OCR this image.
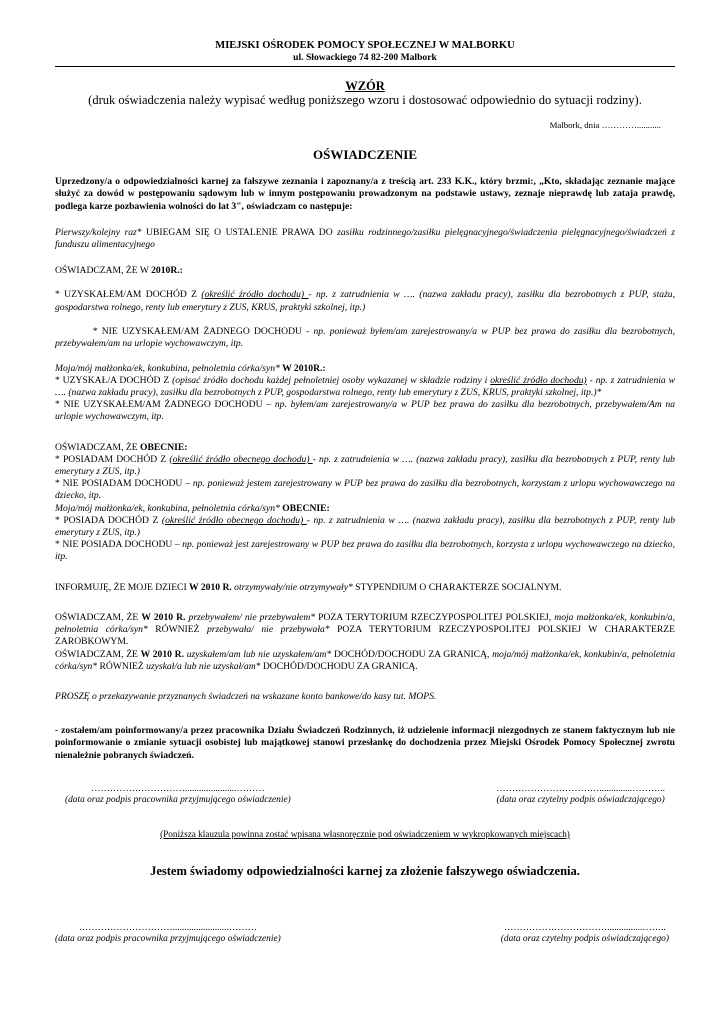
MIEJSKI OŚRODEK POMOCY SPOŁECZNEJ W MALBORKU
ul. Słowackiego 74 82-200 Malbork
WZÓR
(druk oświadczenia należy wypisać według poniższego wzoru i dostosować odpowiednio do sytuacji rodziny).
Malbork, dnia …………...........
OŚWIADCZENIE
Uprzedzony/a o odpowiedzialności karnej za fałszywe zeznania i zapoznany/a z treścią art. 233 K.K., który brzmi:, „Kto, składając zeznanie mające służyć za dowód w postępowaniu sądowym lub w innym postępowaniu prowadzonym na podstawie ustawy, zeznaje nieprawdę lub zataja prawdę, podlega karze pozbawienia wolności do lat 3", oświadczam co następuje:
Pierwszy/kolejny raz* UBIEGAM SIĘ O USTALENIE PRAWA DO zasiłku rodzinnego/zasiłku pielęgnacyjnego/świadczenia pielęgnacyjnego/świadczeń z funduszu alimentacyjnego
OŚWIADCZAM, ŻE W 2010R.:
* UZYSKAŁEM/AM DOCHÓD Z (określić źródło dochodu) - np. z zatrudnienia w …. (nazwa zakładu pracy), zasiłku dla bezrobotnych z PUP, stażu, gospodarstwa rolnego, renty lub emerytury z ZUS, KRUS, praktyki szkolnej, itp.)

* NIE UZYSKAŁEM/AM ŻADNEGO DOCHODU - np. ponieważ byłem/am zarejestrowany/a w PUP bez prawa do zasiłku dla bezrobotnych, przebywałem/am na urlopie wychowawczym, itp.

Moja/mój małżonka/ek, konkubina, pełnoletnia córka/syn* W 2010R.:
* UZYSKAŁ/A DOCHÓD Z (opisać źródło dochodu każdej pełnoletniej osoby wykazanej w składzie rodziny i określić źródło dochodu) - np. z zatrudnienia w …. (nazwa zakładu pracy), zasiłku dla bezrobotnych z PUP, gospodarstwa rolnego, renty lub emerytury z ZUS, KRUS, praktyki szkolnej, itp.)*
* NIE UZYSKAŁEM/AM ŻADNEGO DOCHODU – np. byłem/am zarejestrowany/a w PUP bez prawa do zasiłku dla bezrobotnych, przebywałem/Am na urlopie wychowawczym, itp.
OŚWIADCZAM, ŻE OBECNIE:
* POSIADAM DOCHÓD Z (określić źródło obecnego dochodu) - np. z zatrudnienia w …. (nazwa zakładu pracy), zasiłku dla bezrobotnych z PUP, renty lub emerytury z ZUS, itp.)
* NIE POSIADAM DOCHODU – np. ponieważ jestem zarejestrowany w PUP bez prawa do zasiłku dla bezrobotnych, korzystam z urlopu wychowawczego na dziecko, itp.
Moja/mój małżonka/ek, konkubina, pełnoletnia córka/syn* OBECNIE:
* POSIADA DOCHÓD Z (określić źródło obecnego dochodu) - np. z zatrudnienia w …. (nazwa zakładu pracy), zasiłku dla bezrobotnych z PUP, renty lub emerytury z ZUS, itp.)
* NIE POSIADA DOCHODU – np. ponieważ jest zarejestrowany w PUP bez prawa do zasiłku dla bezrobotnych, korzysta z urlopu wychowawczego na dziecko, itp.
INFORMUJĘ, ŻE MOJE DZIECI W 2010 R. otrzymywały/nie otrzymywały* STYPENDIUM O CHARAKTERZE SOCJALNYM.
OŚWIADCZAM, ŻE W 2010 R. przebywałem/ nie przebywałem* POZA TERYTORIUM RZECZYPOSPOLITEJ POLSKIEJ, moja małżonka/ek, konkubin/a, pełnoletnia córka/syn* RÓWNIEŻ przebywała/ nie przebywała* POZA TERYTORIUM RZECZYPOSPOLITEJ POLSKIEJ W CHARAKTERZE ZAROBKOWYM.
OŚWIADCZAM, ŻE W 2010 R. uzyskałem/am lub nie uzyskałem/am* DOCHÓD/DOCHODU ZA GRANICĄ, moja/mój małżonka/ek, konkubin/a, pełnoletnia córka/syn* RÓWNIEŻ uzyskał/a lub nie uzyskał/am* DOCHÓD/DOCHODU ZA GRANICĄ.
PROSZĘ o przekazywanie przyznanych świadczeń na wskazane konto bankowe/do kasy tut. MOPS.
- zostałem/am poinformowany/a przez pracownika Działu Świadczeń Rodzinnych, iż udzielenie informacji niezgodnych ze stanem faktycznym lub nie poinformowanie o zmianie sytuacji osobistej lub majątkowej stanowi przesłankę do dochodzenia przez Miejski Ośrodek Pomocy Społecznej zwrotu nienależnie pobranych świadczeń.
…………………………......................………
(data oraz podpis pracownika przyjmującego oświadczenie)
……………………………..............………..
(data oraz czytelny podpis oświadczającego)
(Poniższa klauzula powinna zostać wpisana własnoręcznie pod oświadczeniem w wykropkowanych miejscach)
Jestem świadomy odpowiedzialności karnej za złożenie fałszywego oświadczenia.
…………………………........................………
(data oraz podpis pracownika przyjmującego oświadczenie)
……………………………...............……..
(data oraz czytelny podpis oświadczającego)
